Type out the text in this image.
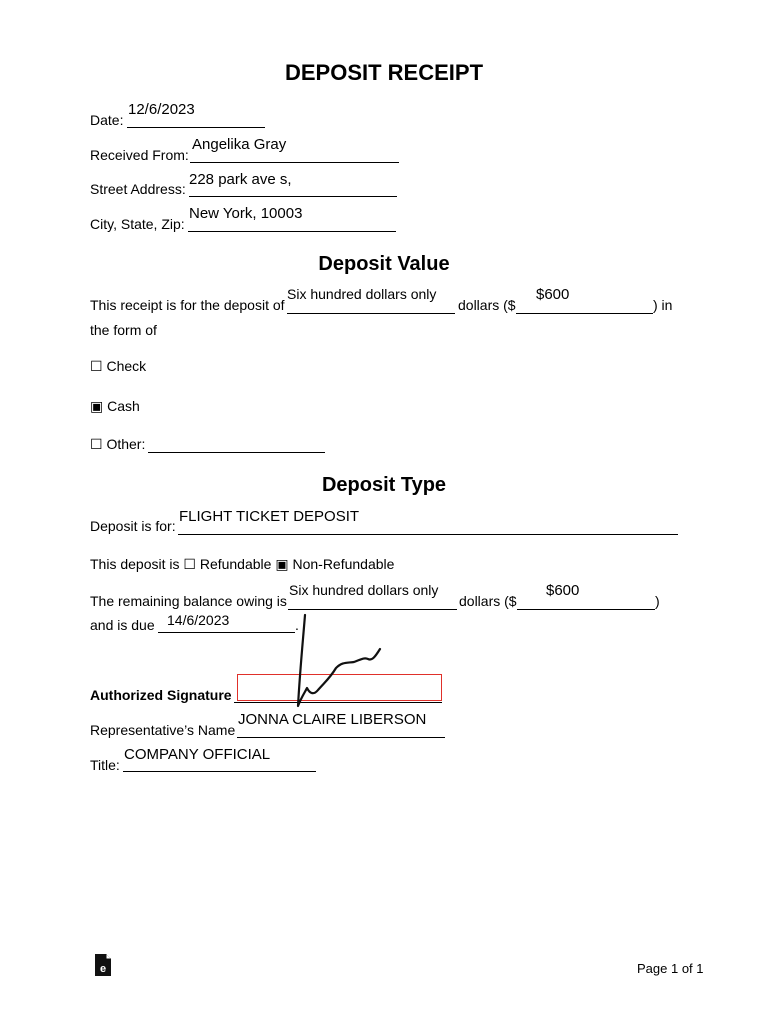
DEPOSIT RECEIPT
Date:
12/6/2023
Received From:
Angelika Gray
Street Address:
228 park ave s,
City, State, Zip:
New York, 10003
Deposit Value
This receipt is for the deposit of
Six hundred dollars only
dollars ($
$600
) in
the form of
☐ Check
▣ Cash
☐ Other:
Deposit Type
Deposit is for:
FLIGHT TICKET DEPOSIT
This deposit is ☐ Refundable ▣ Non-Refundable
The remaining balance owing is
Six hundred dollars only
dollars ($
$600
)
and is due 14/6/2023	.
Authorized Signature
Representative’s Name
JONNA CLAIRE LIBERSON
Title:
COMPANY OFFICIAL
e	Page 1 of 1
